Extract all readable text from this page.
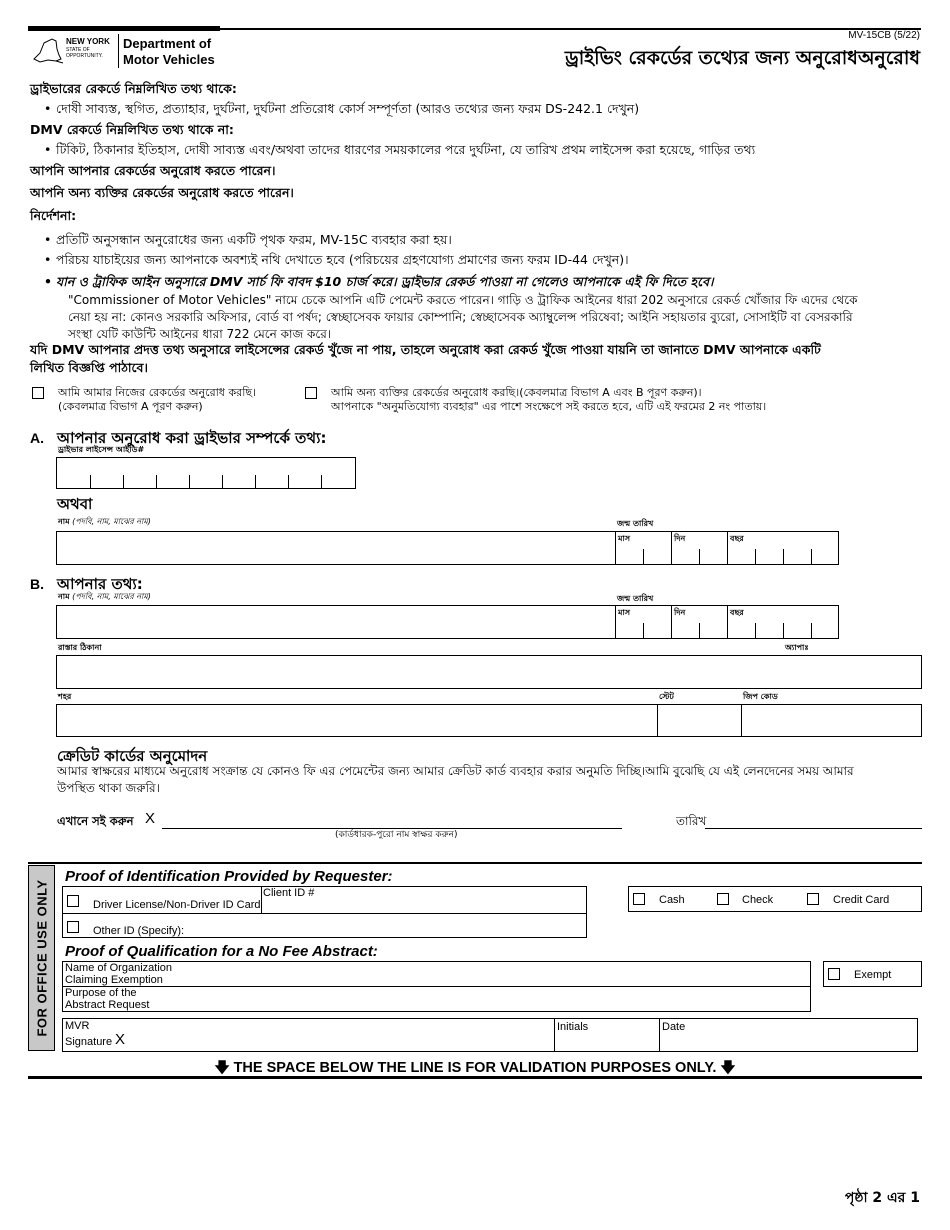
NEW YORK
STATE OF
OPPORTUNITY.
Department of
Motor Vehicles
MV-15CB (5/22)
ড্রাইভিং রেকর্ডের তথ্যের জন্য অনুরোধঅনুরোধ
ড্রাইভারের রেকর্ডে নিম্নলিখিত তথ্য থাকে:
• দোষী সাব্যস্ত, স্থগিত, প্রত্যাহার, দুর্ঘটনা, দুর্ঘটনা প্রতিরোধ কোর্স সম্পূর্ণতা (আরও তথ্যের জন্য ফরম DS-242.1 দেখুন)
DMV রেকর্ডে নিম্নলিখিত তথ্য থাকে না:
• টিকিট, ঠিকানার ইতিহাস, দোষী সাব্যস্ত এবং/অথবা তাদের ধারণের সময়কালের পরে দুর্ঘটনা, যে তারিখ প্রথম লাইসেন্স করা হয়েছে, গাড়ির তথ্য
আপনি আপনার রেকর্ডের অনুরোধ করতে পারেন।
আপনি অন্য ব্যক্তির রেকর্ডের অনুরোধ করতে পারেন।
নির্দেশনা:
• প্রতিটি অনুসন্ধান অনুরোধের জন্য একটি পৃথক ফরম, MV-15C ব্যবহার করা হয়।
• পরিচয় যাচাইয়ের জন্য আপনাকে অবশ্যই নথি দেখাতে হবে (পরিচয়ের গ্রহণযোগ্য প্রমাণের জন্য ফরম ID-44 দেখুন)।
• যান ও ট্রাফিক আইন অনুসারে DMV সার্চ ফি বাবদ $10 চার্জ করে। ড্রাইভার রেকর্ড পাওয়া না গেলেও আপনাকে এই ফি দিতে হবে।
"Commissioner of Motor Vehicles" নামে চেকে আপনি এটি পেমেন্ট করতে পারেন। গাড়ি ও ট্রাফিক আইনের ধারা 202 অনুসারে রেকর্ড খোঁজার ফি এদের থেকে
নেয়া হয় না: কোনও সরকারি অফিসার, বোর্ড বা পর্ষদ; স্বেচ্ছাসেবক ফায়ার কোম্পানি; স্বেচ্ছাসেবক অ্যাম্বুলেন্স পরিষেবা; আইনি সহায়তার ব্যুরো, সোসাইটি বা বেসরকারি
সংস্থা যেটি কাউন্টি আইনের ধারা 722 মেনে কাজ করে।
যদি DMV আপনার প্রদত্ত তথ্য অনুসারে লাইসেন্সের রেকর্ড খুঁজে না পায়, তাহলে অনুরোধ করা রেকর্ড খুঁজে পাওয়া যায়নি তা জানাতে DMV আপনাকে একটি
লিখিত বিজ্ঞপ্তি পাঠাবে।
আমি আমার নিজের রেকর্ডের অনুরোধ করছি।
(কেবলমাত্র বিভাগ A পূরণ করুন)
আমি অন্য ব্যক্তির রেকর্ডের অনুরোধ করছি।(কেবলমাত্র বিভাগ A এবং B পূরণ করুন)।
আপনাকে "অনুমতিযোগ্য ব্যবহার" এর পাশে সংক্ষেপে সই করতে হবে, এটি এই ফরমের 2 নং পাতায়।
A. আপনার অনুরোধ করা ড্রাইভার সম্পর্কে তথ্য:
ড্রাইভার লাইসেন্স আইডি#
অথবা
নাম (পদবি, নাম, মাঝের নাম)	জন্ম তারিখ
মাস	দিন	বছর
B. আপনার তথ্য:
নাম (পদবি, নাম, মাঝের নাম)	জন্ম তারিখ
মাস	দিন	বছর
রাস্তার ঠিকানা	অ্যাপাঃ
শহর	স্টেট	জিপ কোড
ক্রেডিট কার্ডের অনুমোদন
আমার স্বাক্ষরের মাধ্যমে অনুরোধ সংক্রান্ত যে কোনও ফি এর পেমেন্টের জন্য আমার ক্রেডিট কার্ড ব্যবহার করার অনুমতি দিচ্ছি।আমি বুঝেছি যে এই লেনদেনের সময় আমার
উপস্থিত থাকা জরুরি।
এখানে সই করুন X
(কার্ডধারক-পুরো নাম স্বাক্ষর করুন)
তারিখ
FOR OFFICE USE ONLY
Proof of Identification Provided by Requester:
Client ID #
Driver License/Non-Driver ID Card
Other ID (Specify):
Cash	Check	Credit Card
Proof of Qualification for a No Fee Abstract:
Name of Organization
Claiming Exemption
Purpose of the
Abstract Request
Exempt
MVR
Signature X
Initials	Date
🡇 THE SPACE BELOW THE LINE IS FOR VALIDATION PURPOSES ONLY. 🡇
পৃষ্ঠা 2 এর 1
